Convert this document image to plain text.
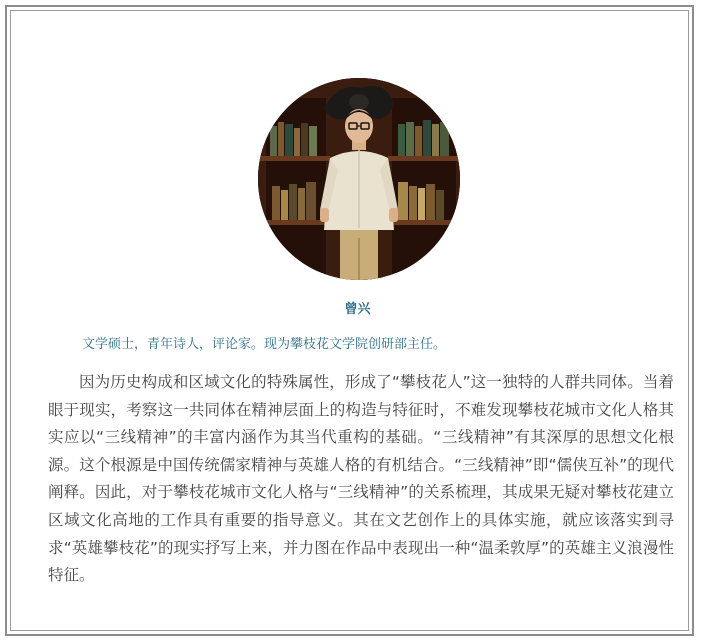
曾兴
文学硕士，青年诗人，评论家。现为攀枝花文学院创研部主任。

因为历史构成和区域文化的特殊属性，形成了“攀枝花人”这一独特的人群共同体。当着眼于现实，考察这一共同体在精神层面上的构造与特征时，不难发现攀枝花城市文化人格其实应以“三线精神”的丰富内涵作为其当代重构的基础。“三线精神”有其深厚的思想文化根源。这个根源是中国传统儒家精神与英雄人格的有机结合。“三线精神”即“儒侠互补”的现代阐释。因此，对于攀枝花城市文化人格与“三线精神”的关系梳理，其成果无疑对攀枝花建立区域文化高地的工作具有重要的指导意义。其在文艺创作上的具体实施，就应该落实到寻求“英雄攀枝花”的现实抒写上来，并力图在作品中表现出一种“温柔敦厚”的英雄主义浪漫性特征。
